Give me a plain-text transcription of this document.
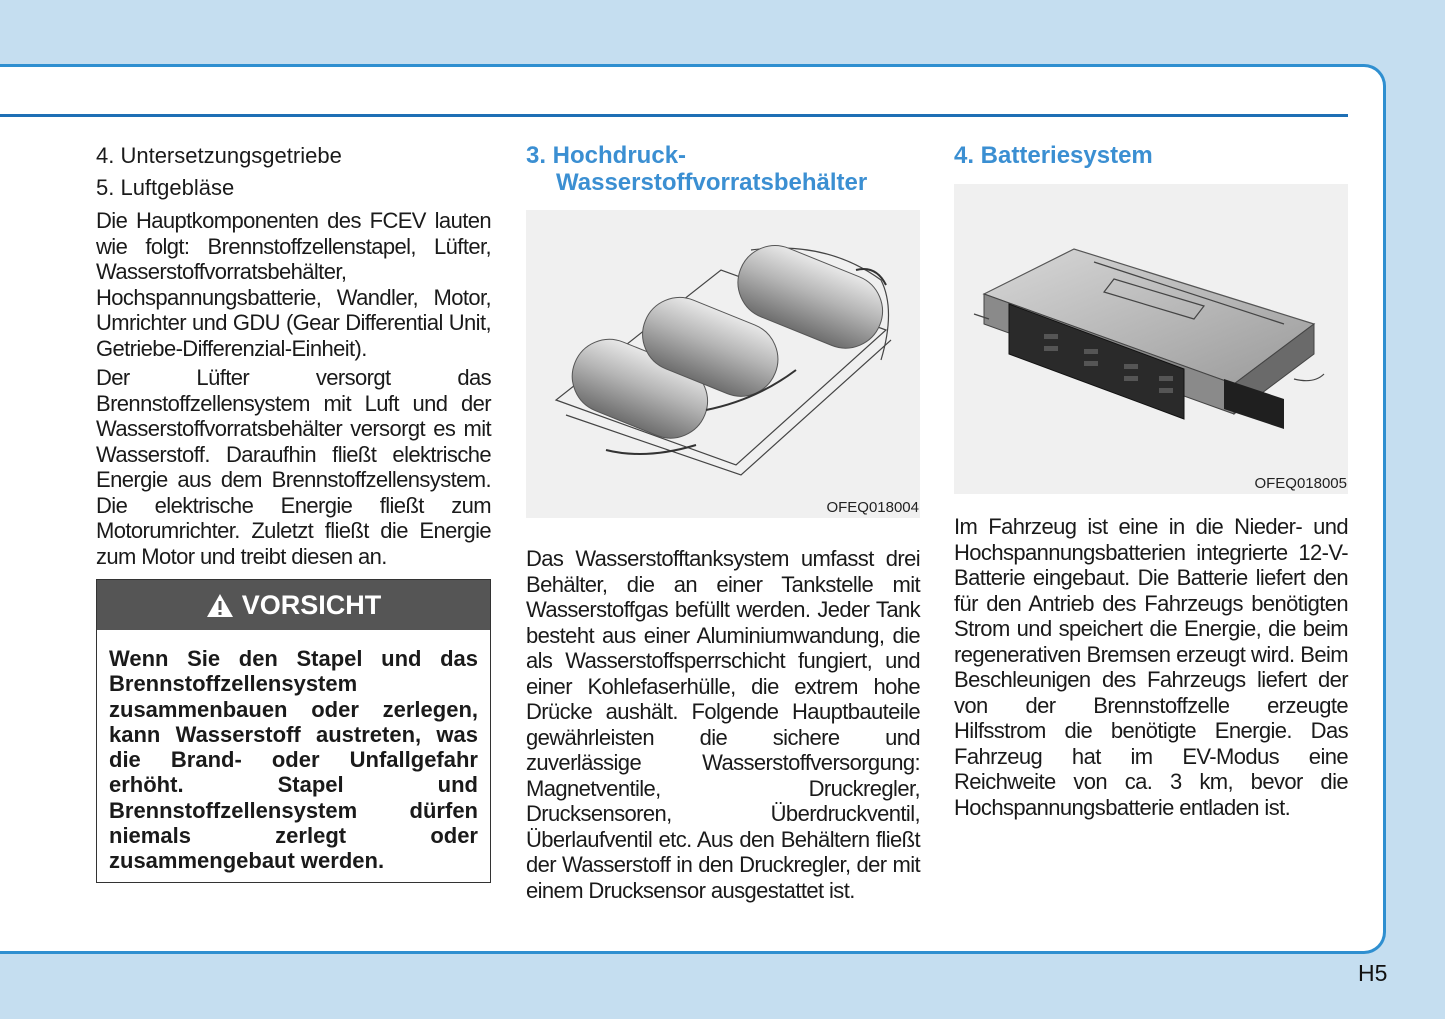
4. Untersetzungsgetriebe

5. Luftgebläse

Die Hauptkomponenten des FCEV lauten wie folgt: Brennstoffzellenstapel, Lüfter, Wasserstoffvorratsbehälter, Hochspannungsbatterie, Wandler, Motor, Umrichter und GDU (Gear Differential Unit, Getriebe-Differenzial-Einheit).

Der Lüfter versorgt das Brennstoffzellensystem mit Luft und der Wasserstoffvorratsbehälter versorgt es mit Wasserstoff. Daraufhin fließt elektrische Energie aus dem Brennstoffzellensystem. Die elektrische Energie fließt zum Motorumrichter. Zuletzt fließt die Energie zum Motor und treibt diesen an.

VORSICHT
Wenn Sie den Stapel und das Brennstoffzellensystem zusammenbauen oder zerlegen, kann Wasserstoff austreten, was die Brand- oder Unfallgefahr erhöht. Stapel und Brennstoffzellensystem dürfen niemals zerlegt oder zusammengebaut werden.
3. Hochdruck-
Wasserstoffvorratsbehälter
OFEQ018004

Das Wasserstofftanksystem umfasst drei Behälter, die an einer Tankstelle mit Wasserstoffgas befüllt werden. Jeder Tank besteht aus einer Aluminiumwandung, die als Wasserstoffsperrschicht fungiert, und einer Kohlefaserhülle, die extrem hohe Drücke aushält. Folgende Hauptbauteile gewährleisten die sichere und zuverlässige Wasserstoffversorgung: Magnetventile, Druckregler, Drucksensoren, Überdruckventil, Überlaufventil etc. Aus den Behältern fließt der Wasserstoff in den Druckregler, der mit einem Drucksensor ausgestattet ist.

4. Batteriesystem
OFEQ018005

Im Fahrzeug ist eine in die Nieder- und Hochspannungsbatterien integrierte 12-V-Batterie eingebaut. Die Batterie liefert den für den Antrieb des Fahrzeugs benötigten Strom und speichert die Energie, die beim regenerativen Bremsen erzeugt wird. Beim Beschleunigen des Fahrzeugs liefert der von der Brennstoffzelle erzeugte Hilfsstrom die benötigte Energie. Das Fahrzeug hat im EV-Modus eine Reichweite von ca. 3 km, bevor die Hochspannungsbatterie entladen ist.

H5
